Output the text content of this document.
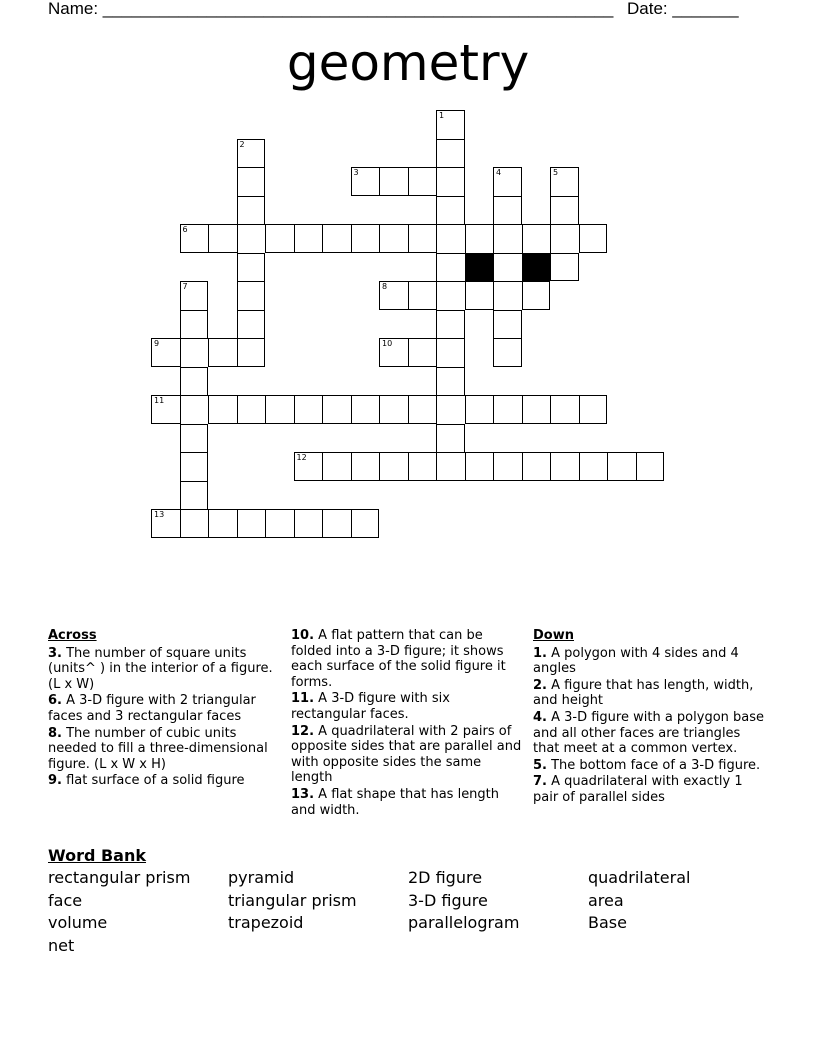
Name: ______________________________________________________ Date: _______
geometry
1
2
3	4	5
6
7	8
9	10
11
12
13
Across
3. The number of square units (units^ ) in the interior of a figure. (L x W)
6. A 3-D figure with 2 triangular faces and 3 rectangular faces
8. The number of cubic units needed to fill a three-dimensional figure. (L x W x H)
9. flat surface of a solid figure
10. A flat pattern that can be folded into a 3-D figure; it shows each surface of the solid figure it forms.
11. A 3-D figure with six rectangular faces.
12. A quadrilateral with 2 pairs of opposite sides that are parallel and with opposite sides the same length
13. A flat shape that has length and width.
Down
1. A polygon with 4 sides and 4 angles
2. A figure that has length, width, and height
4. A 3-D figure with a polygon base and all other faces are triangles that meet at a common vertex.
5. The bottom face of a 3-D figure.
7. A quadrilateral with exactly 1 pair of parallel sides
Word Bank
rectangular prism	pyramid	2D figure	quadrilateral
face	triangular prism	3-D figure	area
volume	trapezoid	parallelogram	Base
net
